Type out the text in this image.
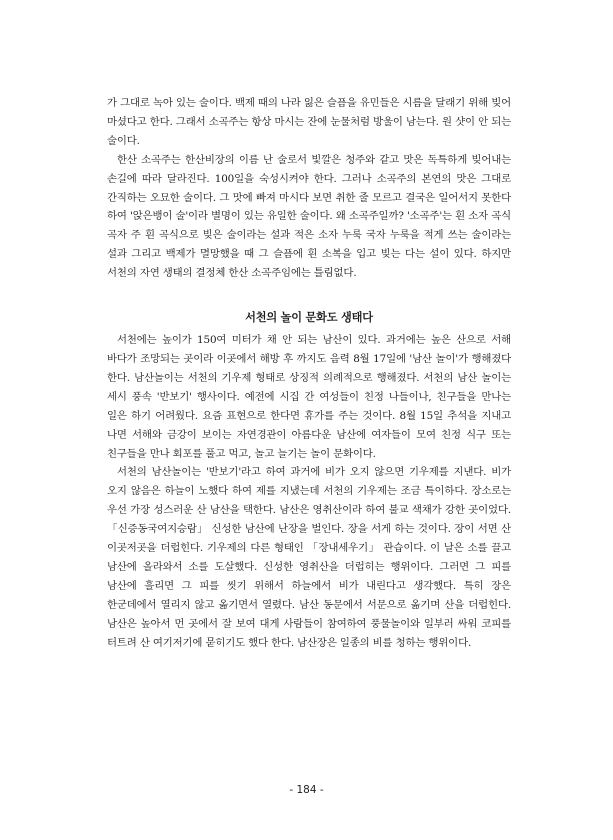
가 그대로 녹아 있는 술이다. 백제 때의 나라 잃은 슬픔을 유민들은 시름을 달래기 위해 빚어 마셨다고 한다. 그래서 소곡주는 항상 마시는 잔에 눈물처럼 방울이 남는다. 원 샷이 안 되는 술이다.

한산 소곡주는 한산비장의 이름 난 술로서 빛깔은 청주와 같고 맛은 독특하게 빚어내는 손길에 따라 달라진다. 100일을 숙성시켜야 한다. 그러나 소곡주의 본연의 맛은 그대로 간직하는 오묘한 술이다. 그 맛에 빠져 마시다 보면 취한 줄 모르고 결국은 일어서지 못한다 하여 '앉은뱅이 술'이라 별명이 있는 유일한 술이다. 왜 소곡주일까? '소곡주'는 흰 소자 곡식 곡자 주 흰 곡식으로 빚은 술이라는 설과 적은 소자 누룩 국자 누룩을 적게 쓰는 술이라는 설과 그리고 백제가 멸망했을 때 그 슬픔에 흰 소복을 입고 빚는 다는 설이 있다. 하지만 서천의 자연 생태의 결정체 한산 소곡주임에는 틀림없다.

서천의 놀이 문화도 생태다

서천에는 높이가 150여 미터가 채 안 되는 남산이 있다. 과거에는 높은 산으로 서해 바다가 조망되는 곳이라 이곳에서 해방 후 까지도 음력 8월 17일에 '남산 놀이'가 행해졌다 한다. 남산놀이는 서천의 기우제 형태로 상징적 의례적으로 행해졌다. 서천의 남산 놀이는 세시 풍속 '반보기' 행사이다. 예전에 시집 간 여성들이 친정 나들이나, 친구들을 만나는 일은 하기 어려웠다. 요즘 표현으로 한다면 휴가를 주는 것이다. 8월 15일 추석을 지내고 나면 서해와 금강이 보이는 자연경관이 아름다운 남산에 여자들이 모여 친정 식구 또는 친구들을 만나 회포를 풀고 먹고, 놀고 늘기는 놀이 문화이다.

서천의 남산놀이는 '반보기'라고 하여 과거에 비가 오지 않으면 기우제를 지낸다. 비가 오지 않음은 하늘이 노했다 하여 제를 지냈는데 서천의 기우제는 조금 특이하다. 장소로는 우선 가장 성스러운 산 남산을 택한다. 남산은 영취산이라 하여 불교 색채가 강한 곳이었다. 「신증동국여지승람」 신성한 남산에 난장을 벌인다. 장을 서게 하는 것이다. 장이 서면 산 이곳저곳을 더럽힌다. 기우제의 다른 형태인 「장내세우기」 관습이다. 이 날은 소를 끌고 남산에 올라와서 소를 도살했다. 신성한 영취산을 더럽히는 행위이다. 그러면 그 피를 남산에 흘리면 그 피를 씻기 위해서 하늘에서 비가 내린다고 생각했다. 특히 장은 한군데에서 열리지 않고 옮기면서 열렸다. 남산 동문에서 서문으로 옮기며 산을 더럽힌다. 남산은 높아서 먼 곳에서 잘 보여 대게 사람들이 참여하여 풍물놀이와 일부러 싸워 코피를 터트려 산 여기저기에 묻히기도 했다 한다. 남산장은 일종의 비를 청하는 행위이다.

- 184 -
